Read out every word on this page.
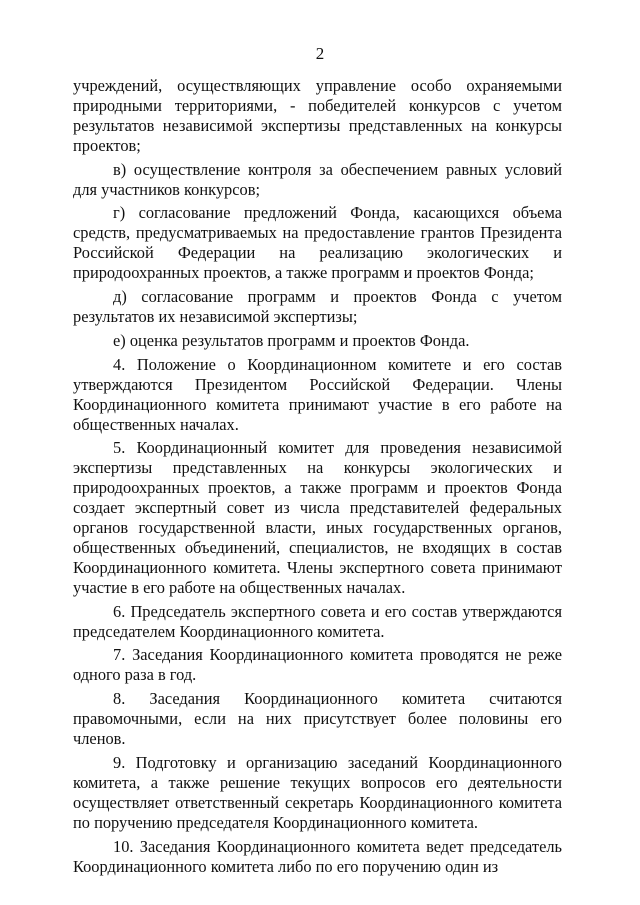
2

учреждений, осуществляющих управление особо охраняемыми природными территориями, - победителей конкурсов с учетом результатов независимой экспертизы представленных на конкурсы проектов;

в) осуществление контроля за обеспечением равных условий для участников конкурсов;

г) согласование предложений Фонда, касающихся объема средств, предусматриваемых на предоставление грантов Президента Российской Федерации на реализацию экологических и природоохранных проектов, а также программ и проектов Фонда;

д) согласование программ и проектов Фонда с учетом результатов их независимой экспертизы;

е) оценка результатов программ и проектов Фонда.

4. Положение о Координационном комитете и его состав утверждаются Президентом Российской Федерации. Члены Координационного комитета принимают участие в его работе на общественных началах.

5. Координационный комитет для проведения независимой экспертизы представленных на конкурсы экологических и природоохранных проектов, а также программ и проектов Фонда создает экспертный совет из числа представителей федеральных органов государственной власти, иных государственных органов, общественных объединений, специалистов, не входящих в состав Координационного комитета. Члены экспертного совета принимают участие в его работе на общественных началах.

6. Председатель экспертного совета и его состав утверждаются председателем Координационного комитета.

7. Заседания Координационного комитета проводятся не реже одного раза в год.

8. Заседания Координационного комитета считаются правомочными, если на них присутствует более половины его членов.

9. Подготовку и организацию заседаний Координационного комитета, а также решение текущих вопросов его деятельности осуществляет ответственный секретарь Координационного комитета по поручению председателя Координационного комитета.

10. Заседания Координационного комитета ведет председатель Координационного комитета либо по его поручению один из
